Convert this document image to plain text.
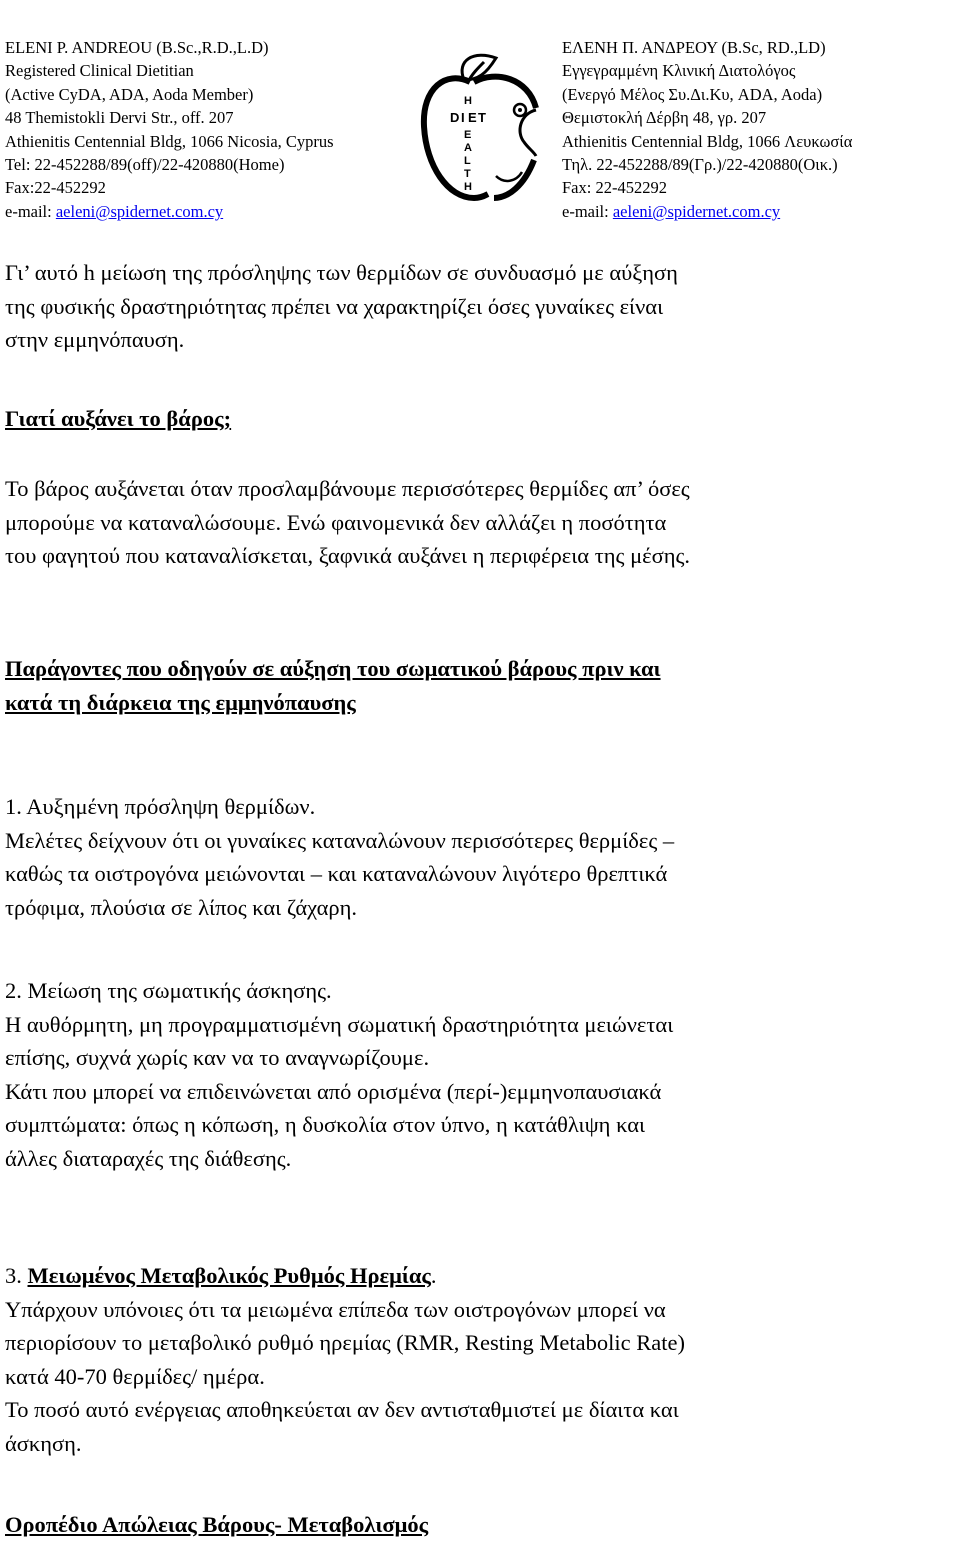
ELENI P. ANDREOU (B.Sc.,R.D.,L.D)
Registered Clinical Dietitian
(Active CyDA, ADA, Aoda Member)
48 Themistokli Dervi Str., off. 207
Athienitis Centennial Bldg, 1066 Nicosia, Cyprus
Tel: 22-452288/89(off)/22-420880(Home)
Fax:22-452292
e-mail: aeleni@spidernet.com.cy
D I E T
H
E
A
L
T
H
ΕΛΕΝΗ Π. ΑΝΔΡΕΟΥ (B.Sc, RD.,LD)
Εγγεγραμμένη Κλινική Διατολόγος
(Ενεργό Μέλος Συ.Δι.Κυ, ADA, Aoda)
Θεμιστοκλή Δέρβη 48, γρ. 207
Athienitis Centennial Bldg, 1066 Λευκωσία
Τηλ. 22-452288/89(Γρ.)/22-420880(Οικ.)
Fax: 22-452292
e-mail: aeleni@spidernet.com.cy

Γι’ αυτό h μείωση της πρόσληψης των θερμίδων σε συνδυασμό με αύξηση

της φυσικής δραστηριότητας πρέπει να χαρακτηρίζει όσες γυναίκες είναι

στην εμμηνόπαυση.

Γιατί αυξάνει το βάρος;

Το βάρος αυξάνεται όταν προσλαμβάνουμε περισσότερες θερμίδες απ’ όσες

μπορούμε να καταναλώσουμε. Ενώ φαινομενικά δεν αλλάζει η ποσότητα

του φαγητού που καταναλίσκεται, ξαφνικά αυξάνει η περιφέρεια της μέσης.

Παράγοντες που οδηγούν σε αύξηση του σωματικού βάρους πριν και

κατά τη διάρκεια της εμμηνόπαυσης

1. Αυξημένη πρόσληψη θερμίδων.

Μελέτες δείχνουν ότι οι γυναίκες καταναλώνουν περισσότερες θερμίδες –

καθώς τα οιστρογόνα μειώνονται – και καταναλώνουν λιγότερο θρεπτικά

τρόφιμα, πλούσια σε λίπος και ζάχαρη.

2. Μείωση της σωματικής άσκησης.

Η αυθόρμητη, μη προγραμματισμένη σωματική δραστηριότητα μειώνεται

επίσης, συχνά χωρίς καν να το αναγνωρίζουμε.

Κάτι που μπορεί να επιδεινώνεται από ορισμένα (περί-)εμμηνοπαυσιακά

συμπτώματα: όπως η κόπωση, η δυσκολία στον ύπνο, η κατάθλιψη και

άλλες διαταραχές της διάθεσης.

3. Μειωμένος Μεταβολικός Ρυθμός Ηρεμίας.

Υπάρχουν υπόνοιες ότι τα μειωμένα επίπεδα των οιστρογόνων μπορεί να

περιορίσουν το μεταβολικό ρυθμό ηρεμίας (RMR, Resting Metabolic Rate)

κατά 40-70 θερμίδες/ ημέρα.

Το ποσό αυτό ενέργειας αποθηκεύεται αν δεν αντισταθμιστεί με δίαιτα και

άσκηση.

Οροπέδιο Απώλειας Βάρους- Μεταβολισμός
